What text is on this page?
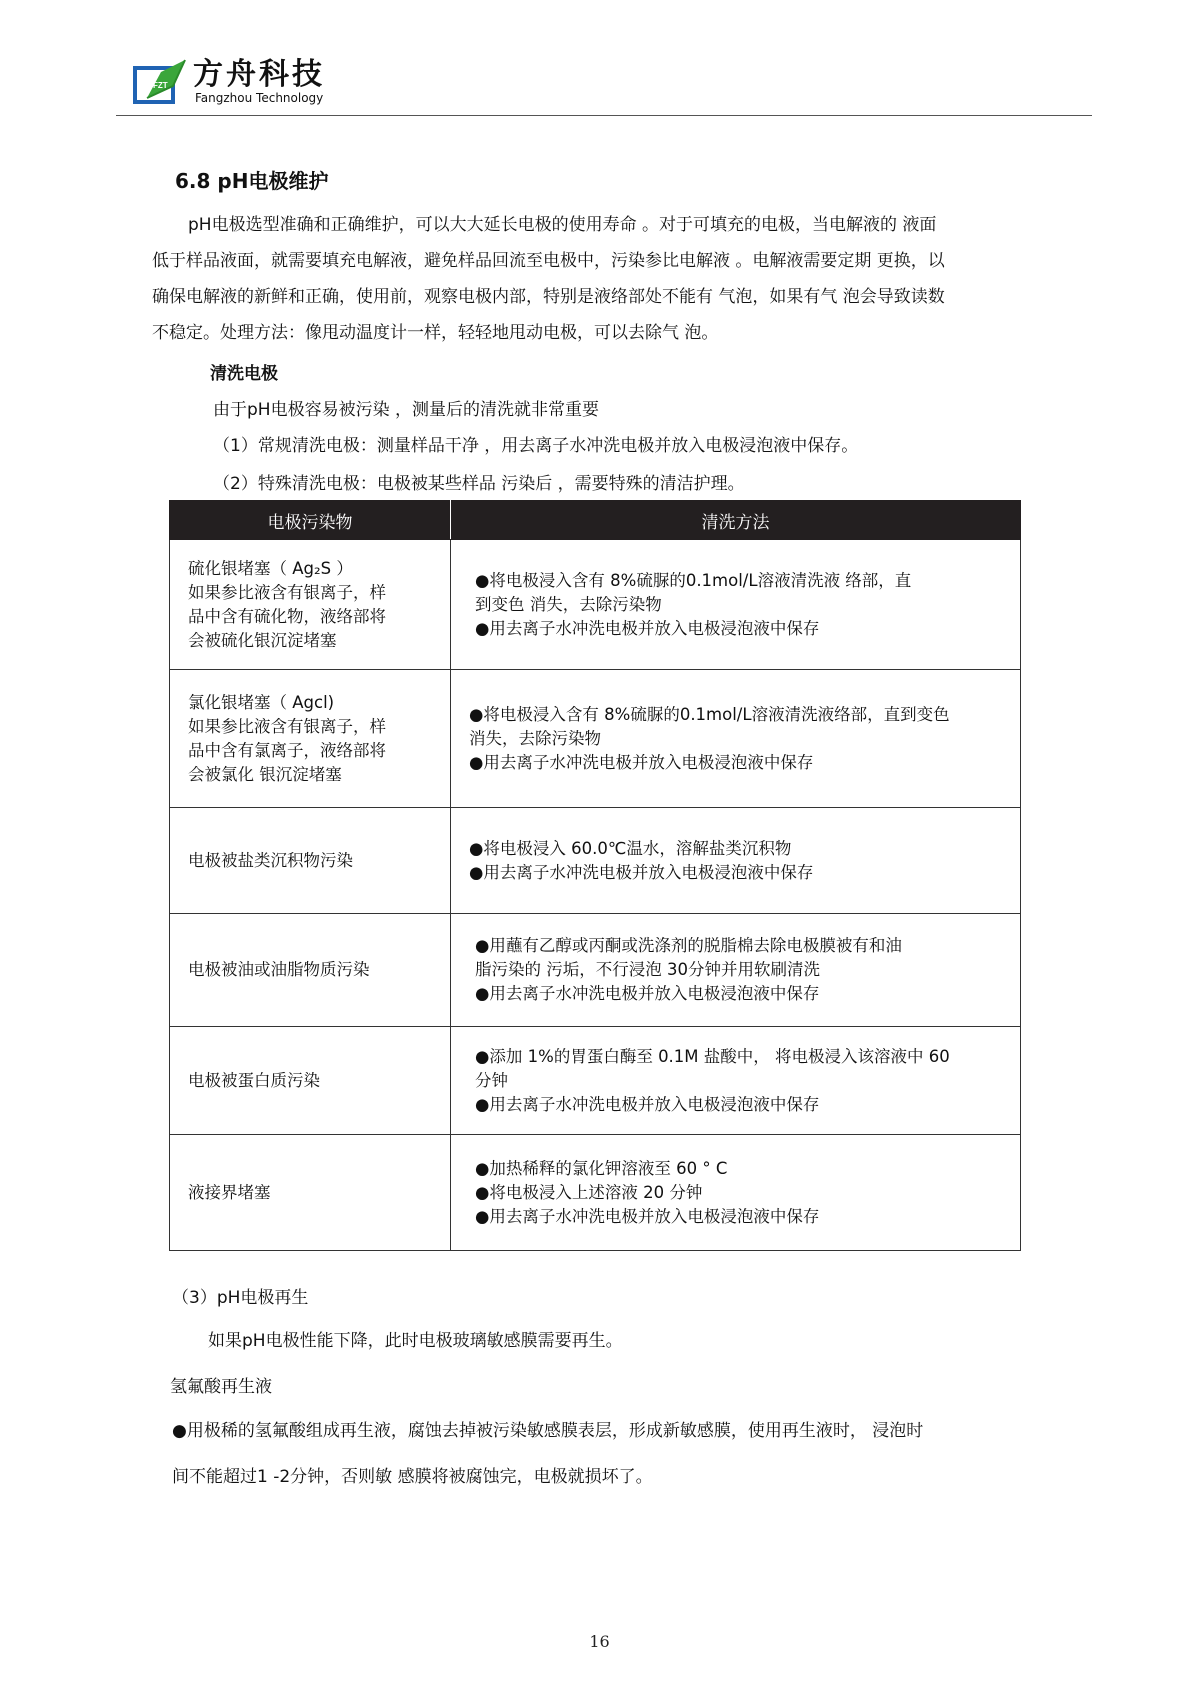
FZT 方舟科技
Fangzhou Technology
6.8 pH电极维护
pH电极选型准确和正确维护，可以大大延长电极的使用寿命 。对于可填充的电极，当电解液的 液面
低于样品液面，就需要填充电解液，避免样品回流至电极中，污染参比电解液 。电解液需要定期 更换，以
确保电解液的新鲜和正确，使用前，观察电极内部，特别是液络部处不能有 气泡，如果有气 泡会导致读数
不稳定。处理方法：像甩动温度计一样，轻轻地甩动电极，可以去除气 泡。
清洗电极
由于pH电极容易被污染 ，测量后的清洗就非常重要
（1）常规清洗电极：测量样品干净 ，用去离子水冲洗电极并放入电极浸泡液中保存。
（2）特殊清洗电极：电极被某些样品 污染后 ，需要特殊的清洁护理。
电极污染物	清洗方法

硫化银堵塞（ Ag₂S ）
如果参比液含有银离子，样
品中含有硫化物，液络部将
会被硫化银沉淀堵塞	●将电极浸入含有 8%硫脲的0.1mol/L溶液清洗液 络部，直
到变色 消失，去除污染物
●用去离子水冲洗电极并放入电极浸泡液中保存

氯化银堵塞（ Agcl)
如果参比液含有银离子，样
品中含有氯离子，液络部将
会被氯化 银沉淀堵塞	●将电极浸入含有 8%硫脲的0.1mol/L溶液清洗液络部，直到变色
消失，去除污染物
●用去离子水冲洗电极并放入电极浸泡液中保存

电极被盐类沉积物污染	●将电极浸入 60.0℃温水，溶解盐类沉积物
●用去离子水冲洗电极并放入电极浸泡液中保存

电极被油或油脂物质污染	●用蘸有乙醇或丙酮或洗涤剂的脱脂棉去除电极膜被有和油
脂污染的 污垢，不行浸泡 30分钟并用软刷清洗
●用去离子水冲洗电极并放入电极浸泡液中保存

电极被蛋白质污染	●添加 1%的胃蛋白酶至 0.1M 盐酸中， 将电极浸入该溶液中 60
分钟
●用去离子水冲洗电极并放入电极浸泡液中保存

液接界堵塞	●加热稀释的氯化钾溶液至 60 ° C
●将电极浸入上述溶液 20 分钟
●用去离子水冲洗电极并放入电极浸泡液中保存
（3）pH电极再生
如果pH电极性能下降，此时电极玻璃敏感膜需要再生。
氢氟酸再生液
●用极稀的氢氟酸组成再生液，腐蚀去掉被污染敏感膜表层，形成新敏感膜，使用再生液时， 浸泡时
间不能超过1 -2分钟，否则敏 感膜将被腐蚀完，电极就损坏了。
16
